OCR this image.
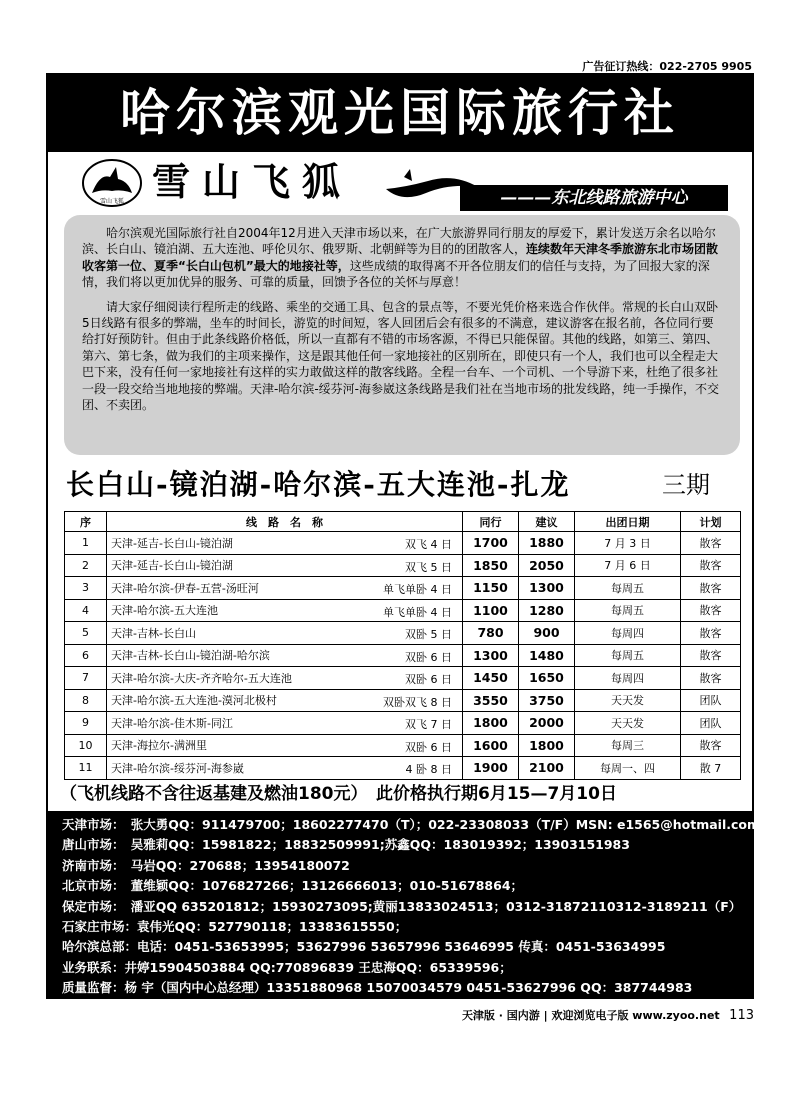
广告征订热线：022-2705 9905
哈尔滨观光国际旅行社
雪山飞狐 雪山飞狐	———东北线路旅游中心

哈尔滨观光国际旅行社自2004年12月进入天津市场以来，在广大旅游界同行朋友的厚爱下，累计发送万余名以哈尔滨、长白山、镜泊湖、五大连池、呼伦贝尔、俄罗斯、北朝鲜等为目的的团散客人，连续数年天津冬季旅游东北市场团散收客第一位、夏季“长白山包机”最大的地接社等，这些成绩的取得离不开各位朋友们的信任与支持，为了回报大家的深情，我们将以更加优异的服务、可靠的质量，回馈予各位的关怀与厚意！

请大家仔细阅读行程所走的线路、乘坐的交通工具、包含的景点等，不要光凭价格来选合作伙伴。常规的长白山双卧5日线路有很多的弊端，坐车的时间长，游览的时间短，客人回团后会有很多的不满意，建议游客在报名前，各位同行要给打好预防针。但由于此条线路价格低，所以一直都有不错的市场客源，不得已只能保留。其他的线路，如第三、第四、第六、第七条，做为我们的主项来操作，这是跟其他任何一家地接社的区别所在，即使只有一个人，我们也可以全程走大巴下来，没有任何一家地接社有这样的实力敢做这样的散客线路。全程一台车、一个司机、一个导游下来，杜绝了很多社一段一段交给当地地接的弊端。天津-哈尔滨-绥芬河-海参崴这条线路是我们社在当地市场的批发线路，纯一手操作，不交团、不卖团。

长白山-镜泊湖-哈尔滨-五大连池-扎龙	三期
序	线　路　名　称	同行	建议	出团日期	计划
1	天津-延吉-长白山-镜泊湖 双飞 4 日	1700	1880	7 月 3 日	散客
2	天津-延吉-长白山-镜泊湖 双飞 5 日	1850	2050	7 月 6 日	散客
3	天津-哈尔滨-伊春-五营-汤旺河 单飞单卧 4 日	1150	1300	每周五	散客
4	天津-哈尔滨-五大连池 单飞单卧 4 日	1100	1280	每周五	散客
5	天津-吉林-长白山 双卧 5 日	780	900	每周四	散客
6	天津-吉林-长白山-镜泊湖-哈尔滨 双卧 6 日	1300	1480	每周五	散客
7	天津-哈尔滨-大庆-齐齐哈尔-五大连池 双卧 6 日	1450	1650	每周四	散客
8	天津-哈尔滨-五大连池-漠河北极村 双卧双飞 8 日	3550	3750	天天发	团队
9	天津-哈尔滨-佳木斯-同江 双飞 7 日	1800	2000	天天发	团队
10	天津-海拉尔-满洲里 双卧 6 日	1600	1800	每周三	散客
11	天津-哈尔滨-绥芬河-海参崴 4 卧 8 日	1900	2100	每周一、四	散 7
（飞机线路不含往返基建及燃油180元）　此价格执行期6月15—7月10日
天津市场：　张大勇QQ：911479700；18602277470（T）；022-23308033（T/F）MSN: e1565@hotmail.com
唐山市场：　吴雅莉QQ：15981822；18832509991;苏鑫QQ：183019392；13903151983
济南市场：　马岩QQ：270688；13954180072
北京市场：　董维颖QQ：1076827266；13126666013；010-51678864；
保定市场：　潘亚QQ 635201812；15930273095;黄丽13833024513；0312-31872110312-3189211（F）
石家庄市场：袁伟光QQ：527790118；13383615550；
哈尔滨总部：电话：0451-53653995；53627996 53657996 53646995 传真：0451-53634995
业务联系：井婷15904503884 QQ:770896839 王忠海QQ：65339596；
质量监督：杨 宇（国内中心总经理）13351880968 15070034579 0451-53627996 QQ：387744983
公司地址：哈尔滨市南岗区花园街304号恒运大厦B座15层	天津版 · 国内游 | 欢迎浏览电子版 www.zyoo.net 113
